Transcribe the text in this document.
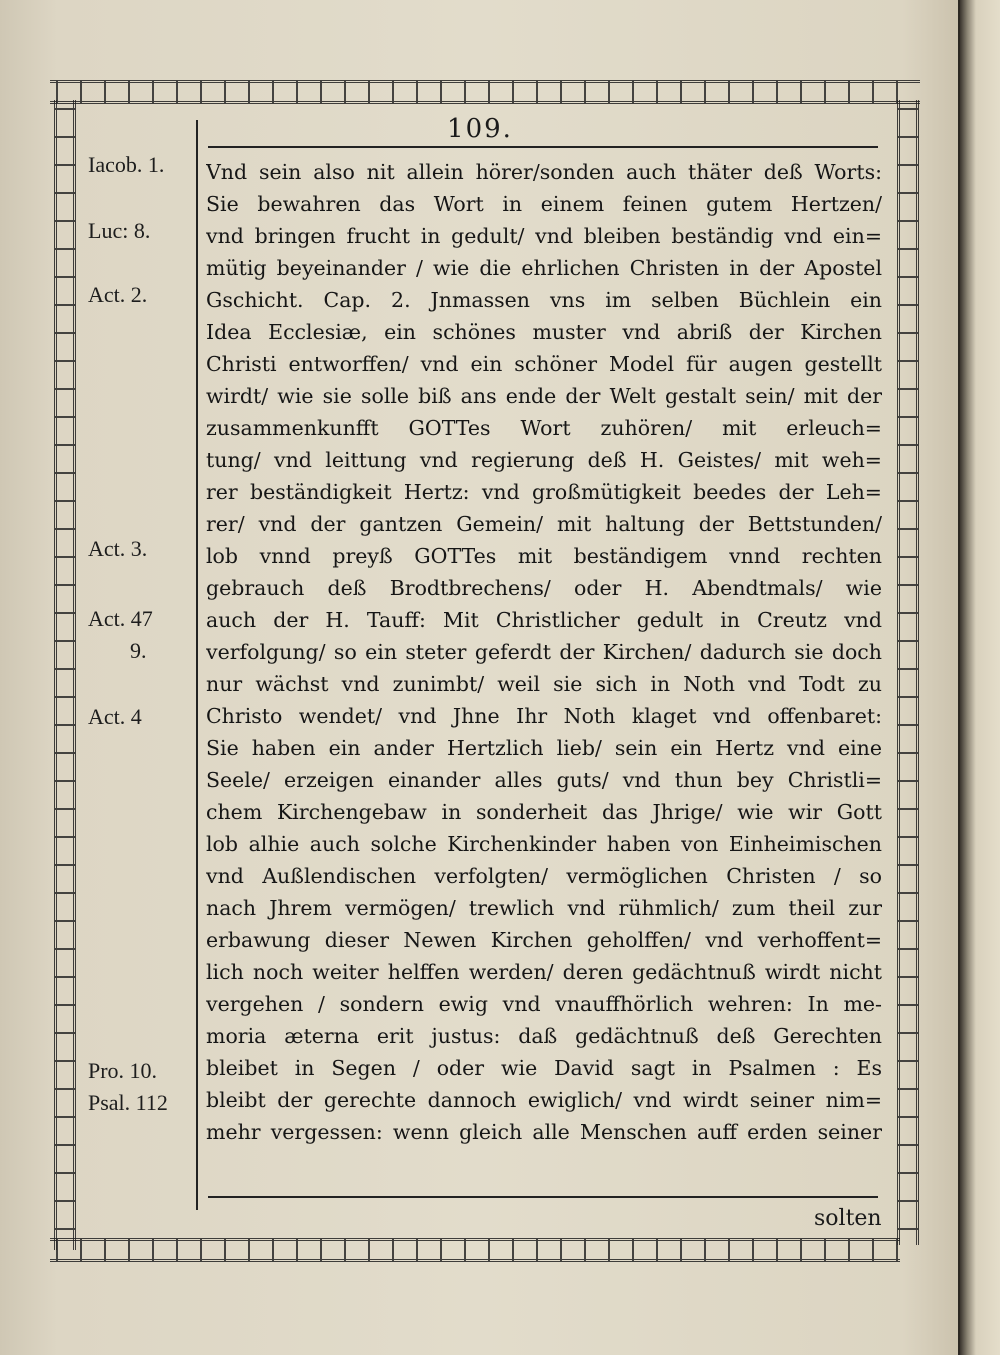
109.
Iacob. 1.
Luc: 8.
Act. 2.
Act. 3.
Act. 47
9.
Act. 4
Pro. 10.
Psal. 112
Vnd sein also nit allein hörer/sonden auch thäter deß Worts:
Sie bewahren das Wort in einem feinen gutem Hertzen/
vnd bringen frucht in gedult/ vnd bleiben beständig vnd ein=
mütig beyeinander / wie die ehrlichen Christen in der Apostel
Gschicht. Cap. 2. Jnmassen vns im selben Büchlein ein
Idea Ecclesiæ, ein schönes muster vnd abriß der Kirchen
Christi entworffen/ vnd ein schöner Model für augen gestellt
wirdt/ wie sie solle biß ans ende der Welt gestalt sein/ mit der
zusammenkunfft GOTTes Wort zuhören/ mit erleuch=
tung/ vnd leittung vnd regierung deß H. Geistes/ mit weh=
rer beständigkeit Hertz: vnd großmütigkeit beedes der Leh=
rer/ vnd der gantzen Gemein/ mit haltung der Bettstunden/
lob vnnd preyß GOTTes mit beständigem vnnd rechten
gebrauch deß Brodtbrechens/ oder H. Abendtmals/ wie
auch der H. Tauff: Mit Christlicher gedult in Creutz vnd
verfolgung/ so ein steter geferdt der Kirchen/ dadurch sie doch
nur wächst vnd zunimbt/ weil sie sich in Noth vnd Todt zu
Christo wendet/ vnd Jhne Ihr Noth klaget vnd offenbaret:
Sie haben ein ander Hertzlich lieb/ sein ein Hertz vnd eine
Seele/ erzeigen einander alles guts/ vnd thun bey Christli=
chem Kirchengebaw in sonderheit das Jhrige/ wie wir Gott
lob alhie auch solche Kirchenkinder haben von Einheimischen
vnd Außlendischen verfolgten/ vermöglichen Christen / so
nach Jhrem vermögen/ trewlich vnd rühmlich/ zum theil zur
erbawung dieser Newen Kirchen geholffen/ vnd verhoffent=
lich noch weiter helffen werden/ deren gedächtnuß wirdt nicht
vergehen / sondern ewig vnd vnauffhörlich wehren: In me-
moria æterna erit justus: daß gedächtnuß deß Gerechten
bleibet in Segen / oder wie David sagt in Psalmen : Es
bleibt der gerechte dannoch ewiglich/ vnd wirdt seiner nim=
mehr vergessen: wenn gleich alle Menschen auff erden seiner
solten
